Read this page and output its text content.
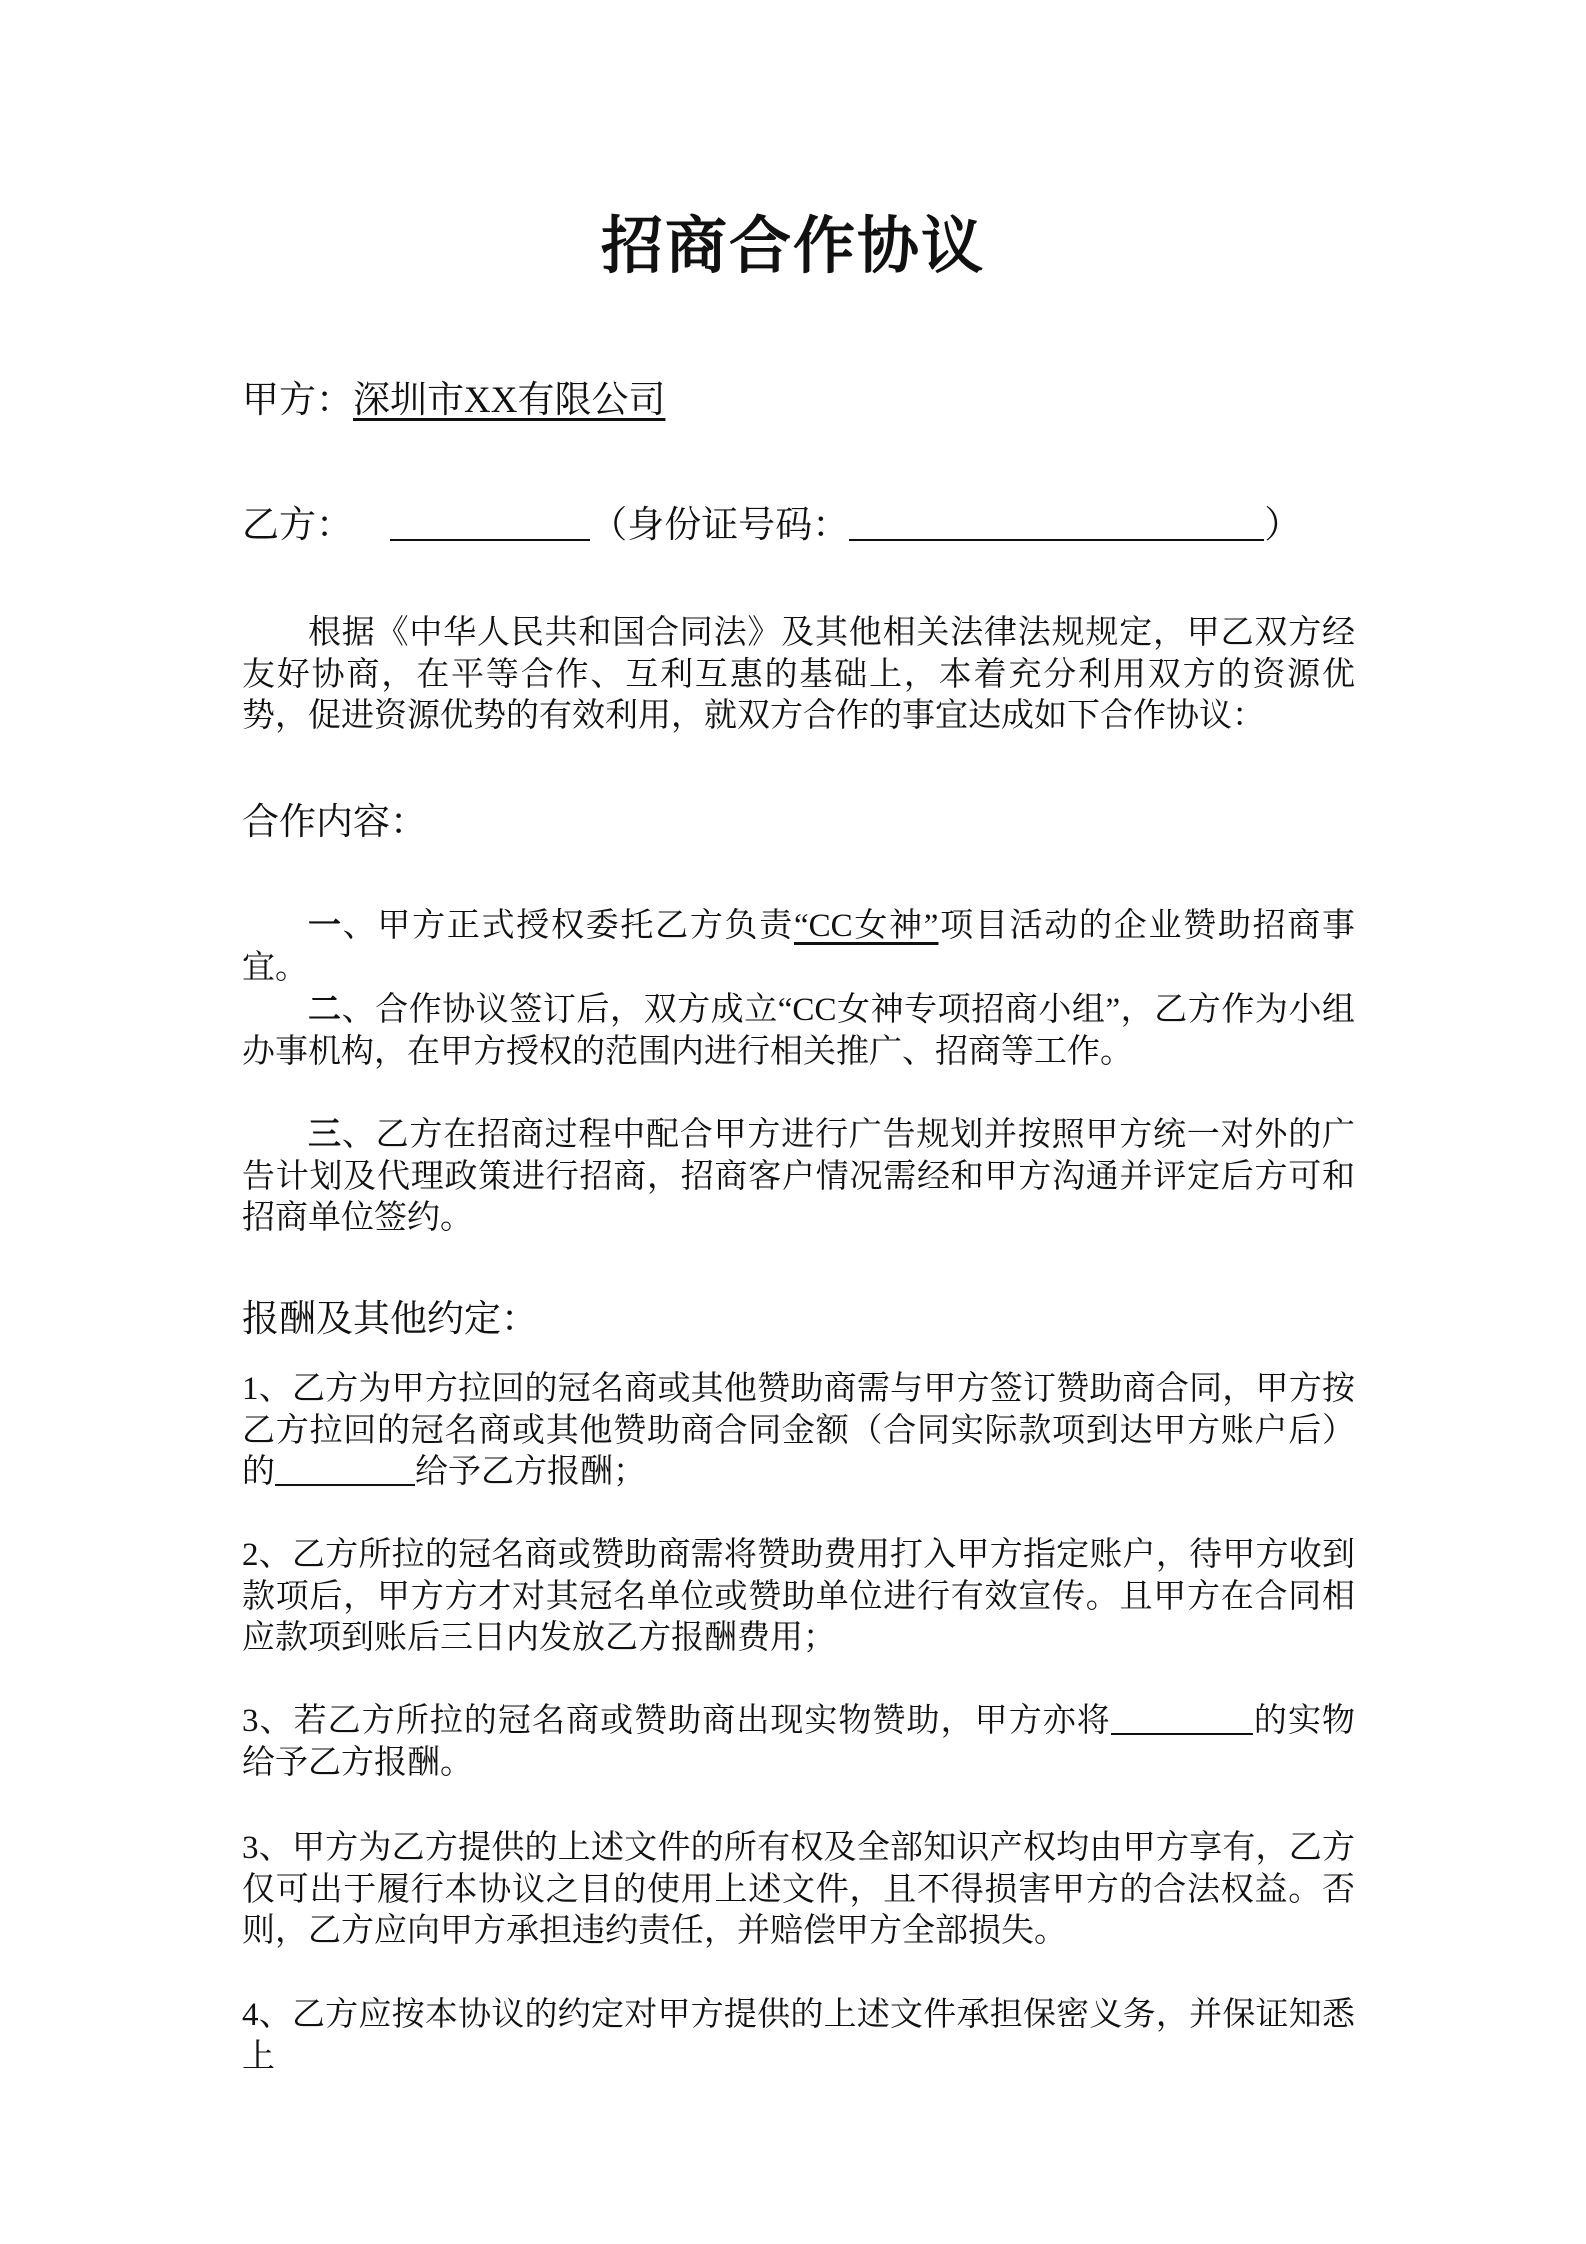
招商合作协议
甲方：深圳市XX有限公司
乙方：	（身份证号码：	）
根据《中华人民共和国合同法》及其他相关法律法规规定，甲乙双方经友好协商，在平等合作、互利互惠的基础上，本着充分利用双方的资源优势，促进资源优势的有效利用，就双方合作的事宜达成如下合作协议：
合作内容：
一、甲方正式授权委托乙方负责“CC女神”项目活动的企业赞助招商事宜。
二、合作协议签订后，双方成立“CC女神专项招商小组”，乙方作为小组办事机构，在甲方授权的范围内进行相关推广、招商等工作。
三、乙方在招商过程中配合甲方进行广告规划并按照甲方统一对外的广告计划及代理政策进行招商，招商客户情况需经和甲方沟通并评定后方可和招商单位签约。
报酬及其他约定：
1、乙方为甲方拉回的冠名商或其他赞助商需与甲方签订赞助商合同，甲方按乙方拉回的冠名商或其他赞助商合同金额（合同实际款项到达甲方账户后）的	给予乙方报酬；
2、乙方所拉的冠名商或赞助商需将赞助费用打入甲方指定账户，待甲方收到款项后，甲方方才对其冠名单位或赞助单位进行有效宣传。且甲方在合同相应款项到账后三日内发放乙方报酬费用；
3、若乙方所拉的冠名商或赞助商出现实物赞助，甲方亦将	的实物给予乙方报酬。
3、甲方为乙方提供的上述文件的所有权及全部知识产权均由甲方享有，乙方仅可出于履行本协议之目的使用上述文件，且不得损害甲方的合法权益。否则，乙方应向甲方承担违约责任，并赔偿甲方全部损失。
4、乙方应按本协议的约定对甲方提供的上述文件承担保密义务，并保证知悉上
